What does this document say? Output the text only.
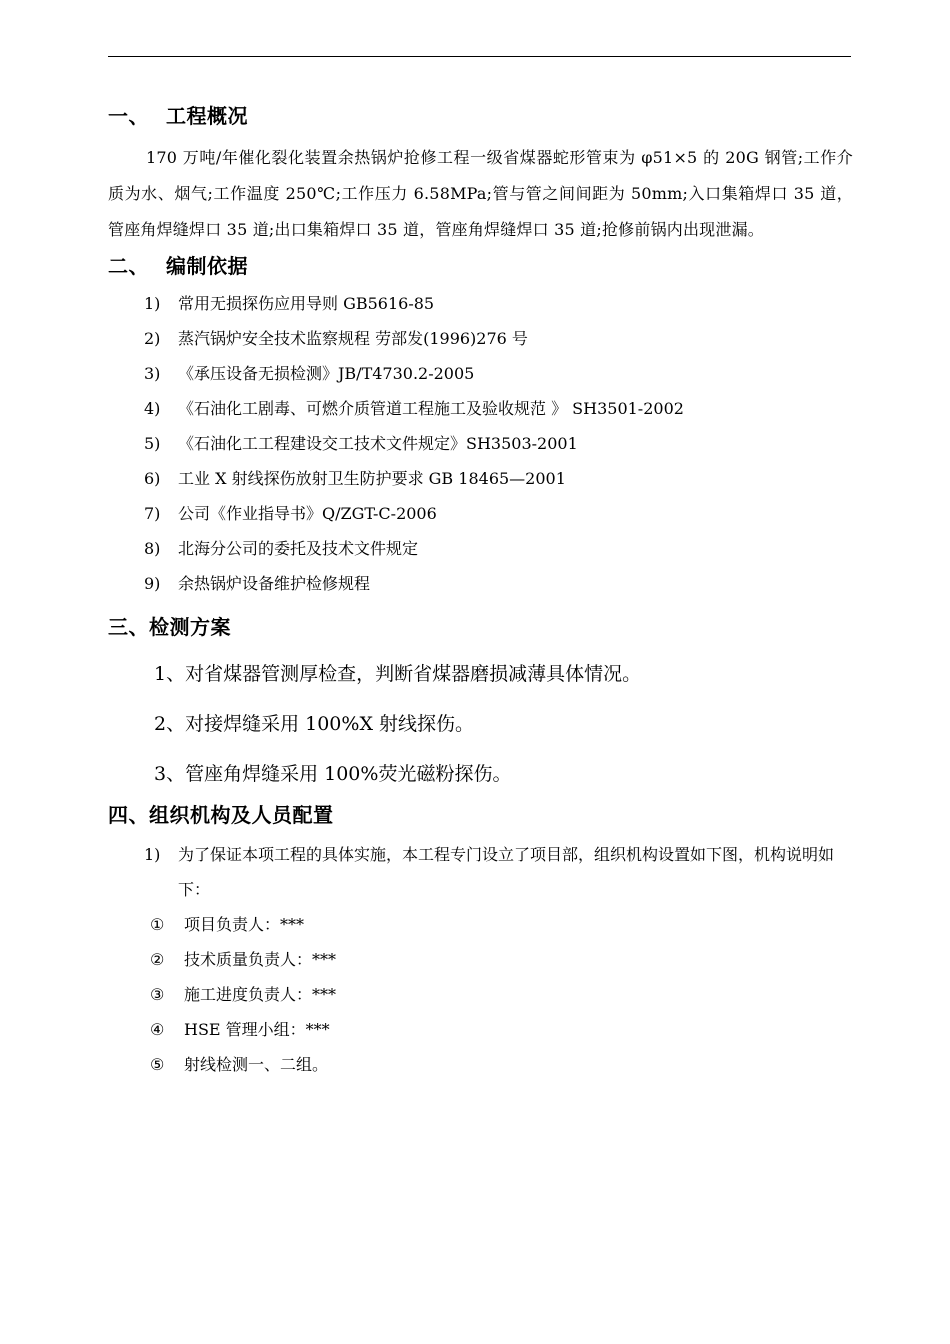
一、 工程概况

170 万吨/年催化裂化装置余热锅炉抢修工程一级省煤器蛇形管束为 φ51×5 的 20G 钢管;工作介质为水、烟气;工作温度 250℃;工作压力 6.58MPa;管与管之间间距为 50mm;入口集箱焊口 35 道，管座角焊缝焊口 35 道;出口集箱焊口 35 道，管座角焊缝焊口 35 道;抢修前锅内出现泄漏。

二、 编制依据
1) 常用无损探伤应用导则 GB5616-85
2) 蒸汽锅炉安全技术监察规程 劳部发(1996)276 号
3) 《承压设备无损检测》JB/T4730.2-2005
4) 《石油化工剧毒、可燃介质管道工程施工及验收规范 》 SH3501-2002
5) 《石油化工工程建设交工技术文件规定》SH3503-2001
6) 工业 X 射线探伤放射卫生防护要求 GB 18465—2001
7) 公司《作业指导书》Q/ZGT-C-2006
8) 北海分公司的委托及技术文件规定
9) 余热锅炉设备维护检修规程
三、检测方案
1、对省煤器管测厚检查，判断省煤器磨损减薄具体情况。
2、对接焊缝采用 100%X 射线探伤。
3、管座角焊缝采用 100%荧光磁粉探伤。
四、组织机构及人员配置
1) 为了保证本项工程的具体实施，本工程专门设立了项目部，组织机构设置如下图，机构说明如下：
① 项目负责人：***
② 技术质量负责人：***
③ 施工进度负责人：***
④ HSE 管理小组：***
⑤ 射线检测一、二组。
